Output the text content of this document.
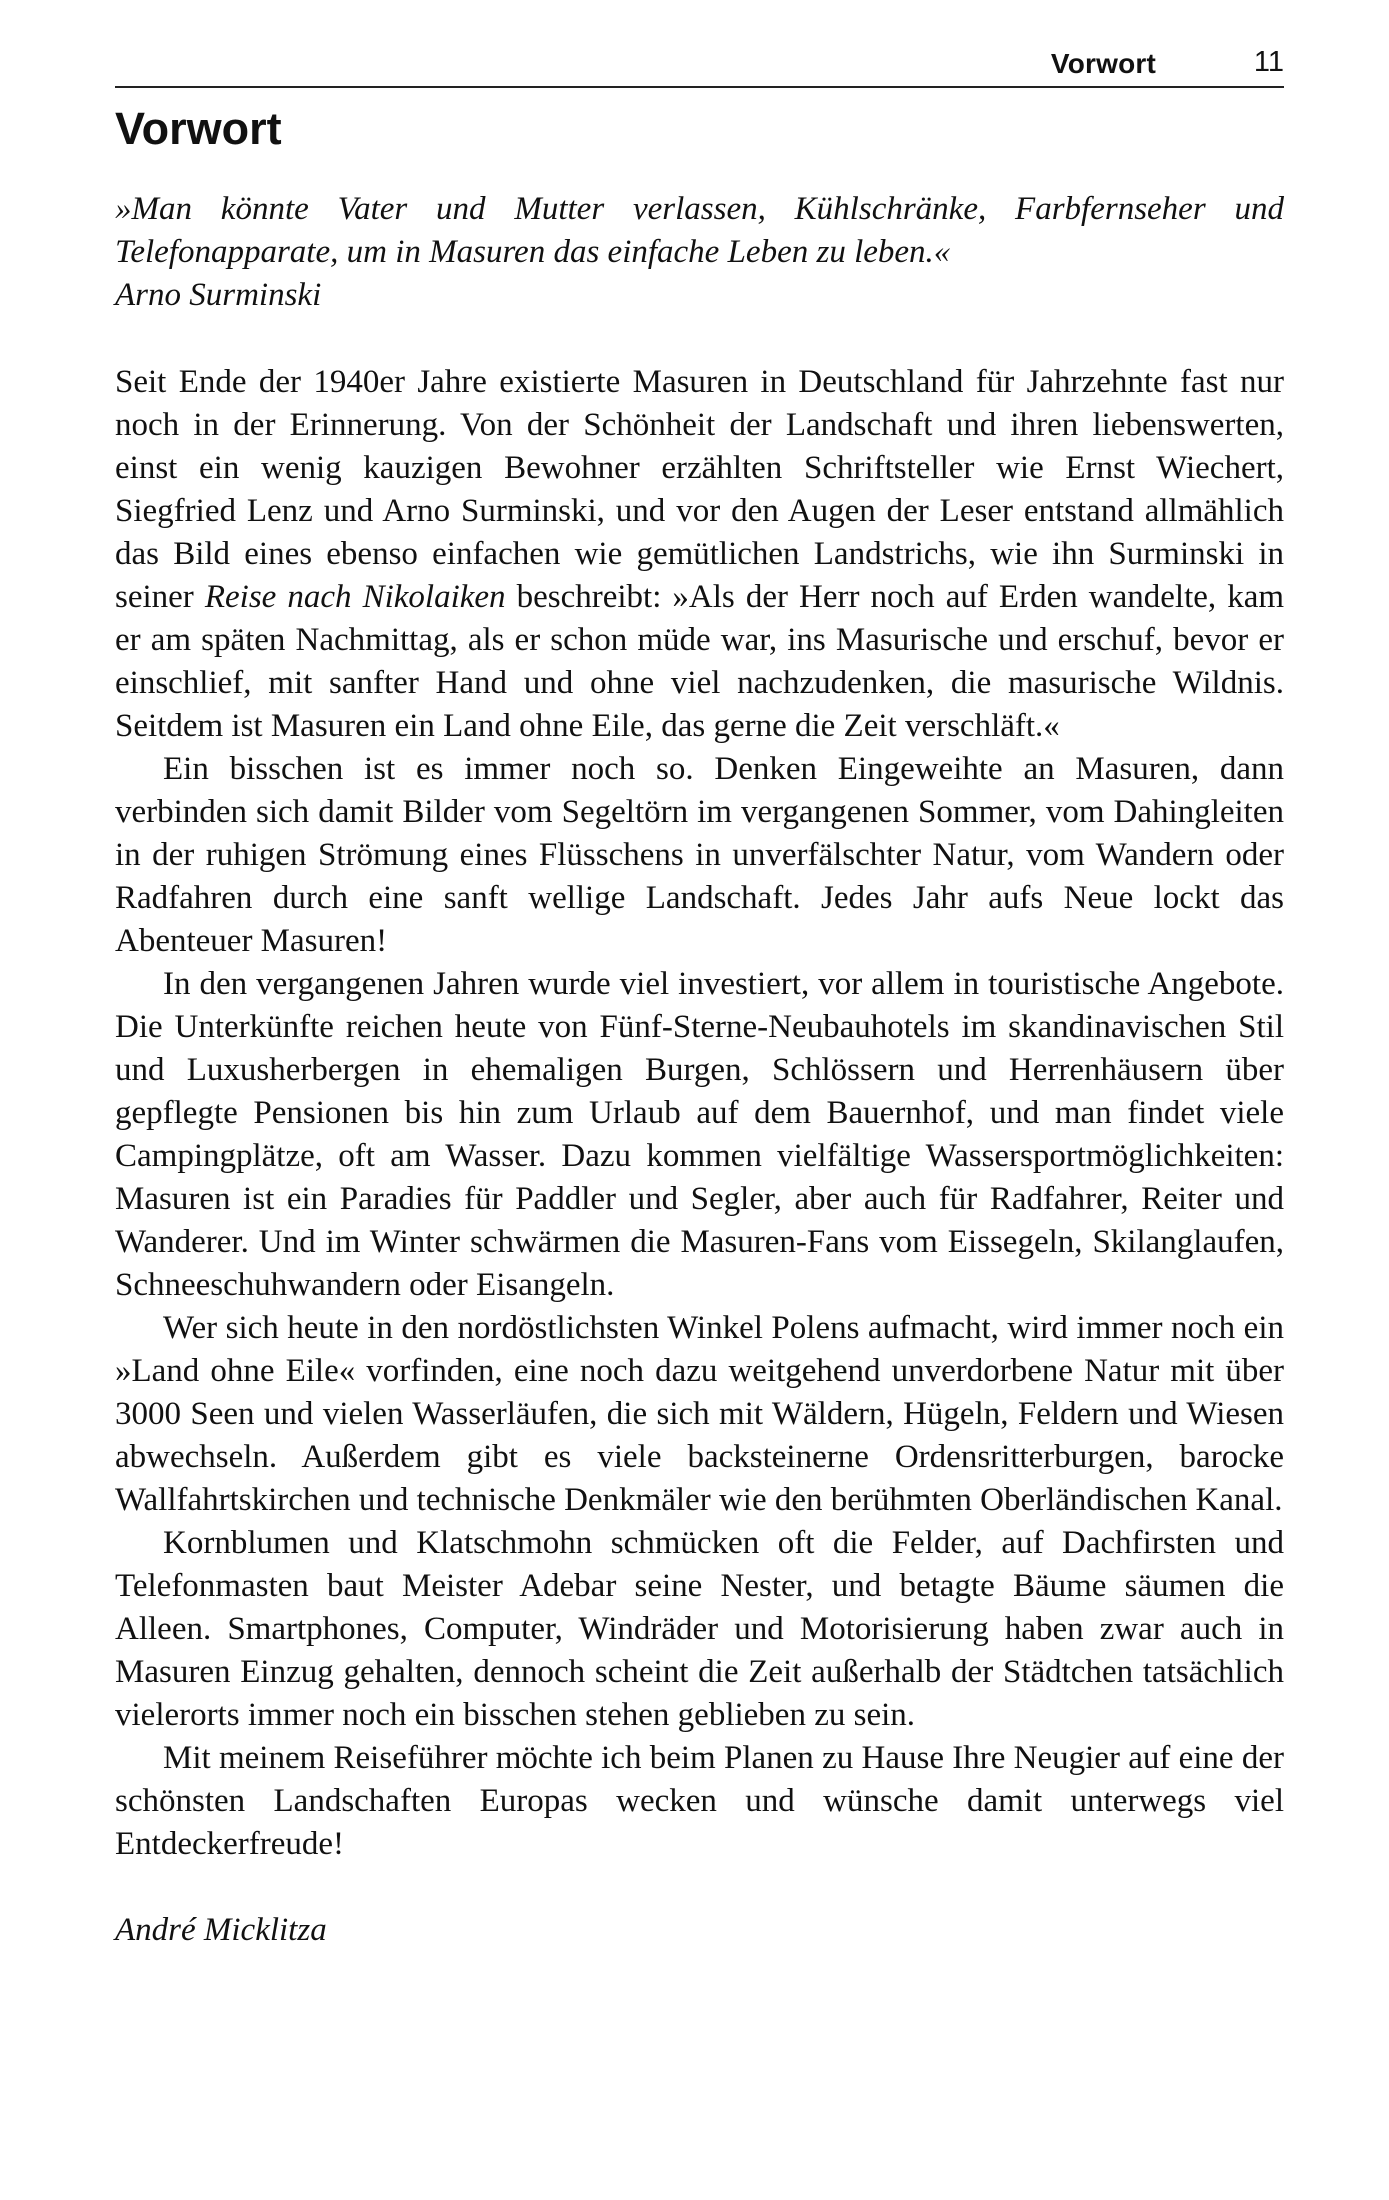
Vorwort	11
Vorwort
»Man könnte Vater und Mutter verlassen, Kühlschränke, Farbfernseher und Telefonapparate, um in Masuren das einfache Leben zu leben.«
Arno Surminski

Seit Ende der 1940er Jahre existierte Masuren in Deutschland für Jahrzehnte fast nur noch in der Erinnerung. Von der Schönheit der Landschaft und ihren liebenswerten, einst ein wenig kauzigen Bewohner erzählten Schriftsteller wie Ernst Wiechert, Siegfried Lenz und Arno Surminski, und vor den Augen der Leser entstand allmählich das Bild eines ebenso einfachen wie gemütlichen Landstrichs, wie ihn Surminski in seiner Reise nach Nikolaiken beschreibt: »Als der Herr noch auf Erden wandelte, kam er am späten Nachmittag, als er schon müde war, ins Masurische und erschuf, bevor er einschlief, mit sanfter Hand und ohne viel nachzudenken, die masurische Wildnis. Seitdem ist Masuren ein Land ohne Eile, das gerne die Zeit verschläft.«

Ein bisschen ist es immer noch so. Denken Eingeweihte an Masuren, dann verbinden sich damit Bilder vom Segeltörn im vergangenen Sommer, vom Dahingleiten in der ruhigen Strömung eines Flüsschens in unverfälschter Natur, vom Wandern oder Radfahren durch eine sanft wellige Landschaft. Jedes Jahr aufs Neue lockt das Abenteuer Masuren!

In den vergangenen Jahren wurde viel investiert, vor allem in touristische Angebote. Die Unterkünfte reichen heute von Fünf-Sterne-Neubauhotels im skandinavischen Stil und Luxusherbergen in ehemaligen Burgen, Schlössern und Herrenhäusern über gepflegte Pensionen bis hin zum Urlaub auf dem Bauernhof, und man findet viele Campingplätze, oft am Wasser. Dazu kommen vielfältige Wassersportmöglichkeiten: Masuren ist ein Paradies für Paddler und Segler, aber auch für Radfahrer, Reiter und Wanderer. Und im Winter schwärmen die Masuren-Fans vom Eissegeln, Skilanglaufen, Schneeschuhwandern oder Eisangeln.

Wer sich heute in den nordöstlichsten Winkel Polens aufmacht, wird immer noch ein »Land ohne Eile« vorfinden, eine noch dazu weitgehend unverdorbene Natur mit über 3000 Seen und vielen Wasserläufen, die sich mit Wäldern, Hügeln, Feldern und Wiesen abwechseln. Außerdem gibt es viele backsteinerne Ordensritterburgen, barocke Wallfahrtskirchen und technische Denkmäler wie den berühmten Oberländischen Kanal.

Kornblumen und Klatschmohn schmücken oft die Felder, auf Dachfirsten und Telefonmasten baut Meister Adebar seine Nester, und betagte Bäume säumen die Alleen. Smartphones, Computer, Windräder und Motorisierung haben zwar auch in Masuren Einzug gehalten, dennoch scheint die Zeit außerhalb der Städtchen tatsächlich vielerorts immer noch ein bisschen stehen geblieben zu sein.

Mit meinem Reiseführer möchte ich beim Planen zu Hause Ihre Neugier auf eine der schönsten Landschaften Europas wecken und wünsche damit unterwegs viel Entdeckerfreude!

André Micklitza
